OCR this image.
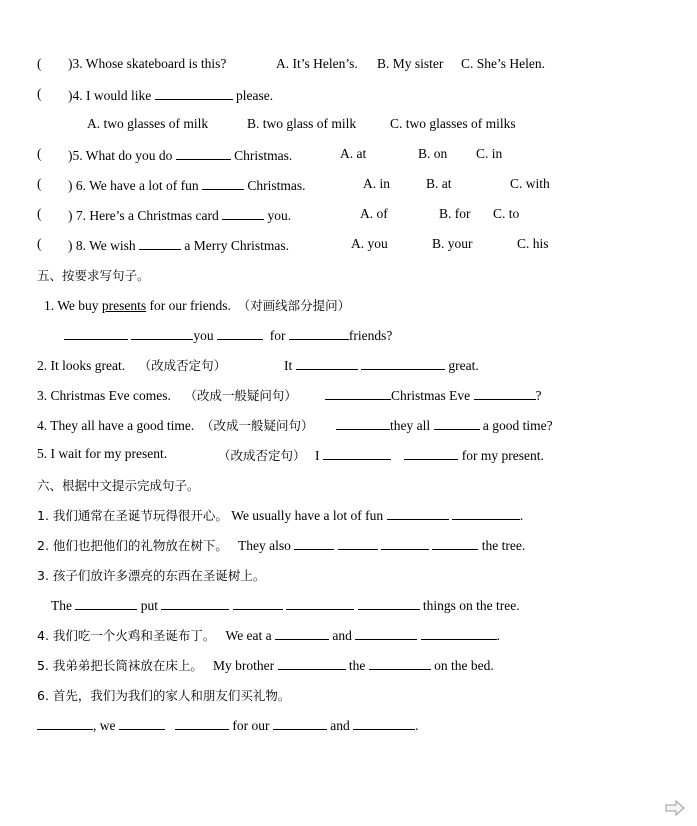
( )3. Whose skateboard is this?	A. It’s Helen’s. B. My sister C. She’s Helen.
( )4. I would like	please.
A. two glasses of milk	B. two glass of milk	C. two glasses of milks
( )5. What do you do	Christmas.	A. at	B. on C. in
( ) 6. We have a lot of fun	Christmas.	A. in	B. at	C. with
( ) 7. Here’s a Christmas card	you.	A. of	B. for C. to
( ) 8. We wish	a Merry Christmas.	A. you	B. your	C. his
五、按要求写句子。
1. We buy presents for our friends. （对画线部分提问）
you	for	friends?
2. It looks great. （改成否定句）	It	great.
3. Christmas Eve comes. （改成一般疑问句）	Christmas Eve	?
4. They all have a good time. （改成一般疑问句）	they all	a good time?
5. I wait for my present.	（改成否定句） I	for my present.
六、根据中文提示完成句子。
1. 我们通常在圣诞节玩得很开心。 We usually have a lot of fun	.
2. 他们也把他们的礼物放在树下。 They also	the tree.
3. 孩子们放许多漂亮的东西在圣诞树上。
The	put	things on the tree.
4. 我们吃一个火鸡和圣诞布丁。 We eat a	and	.
5. 我弟弟把长筒袜放在床上。 My brother	the	on the bed.
6. 首先，我们为我们的家人和朋友们买礼物。
, we	for our	and	.
